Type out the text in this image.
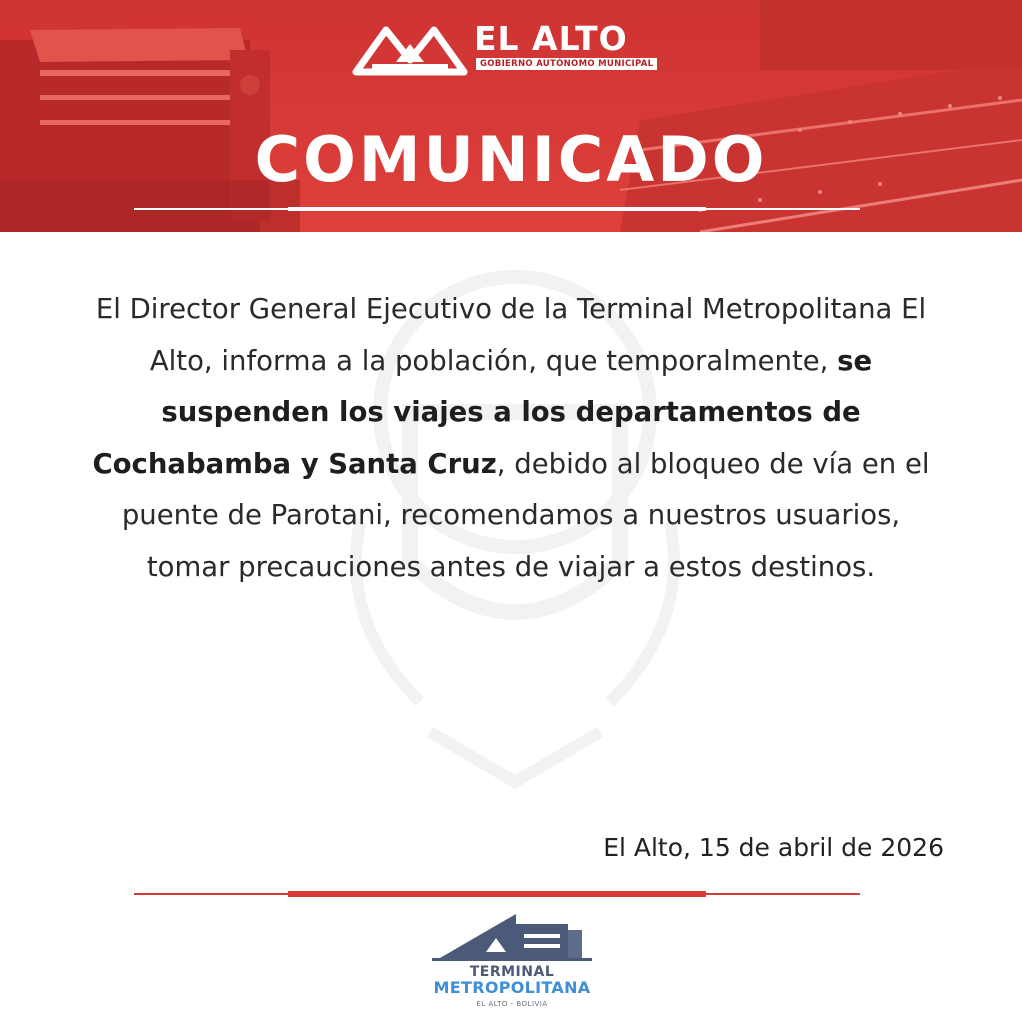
EL ALTO
GOBIERNO AUTÓNOMO MUNICIPAL
COMUNICADO
El Director General Ejecutivo de la Terminal Metropolitana El Alto, informa a la población, que temporalmente, se suspenden los viajes a los departamentos de Cochabamba y Santa Cruz, debido al bloqueo de vía en el puente de Parotani, recomendamos a nuestros usuarios, tomar precauciones antes de viajar a estos destinos.
El Alto, 15 de abril de 2026
TERMINAL
METROPOLITANA
EL ALTO - BOLIVIA
